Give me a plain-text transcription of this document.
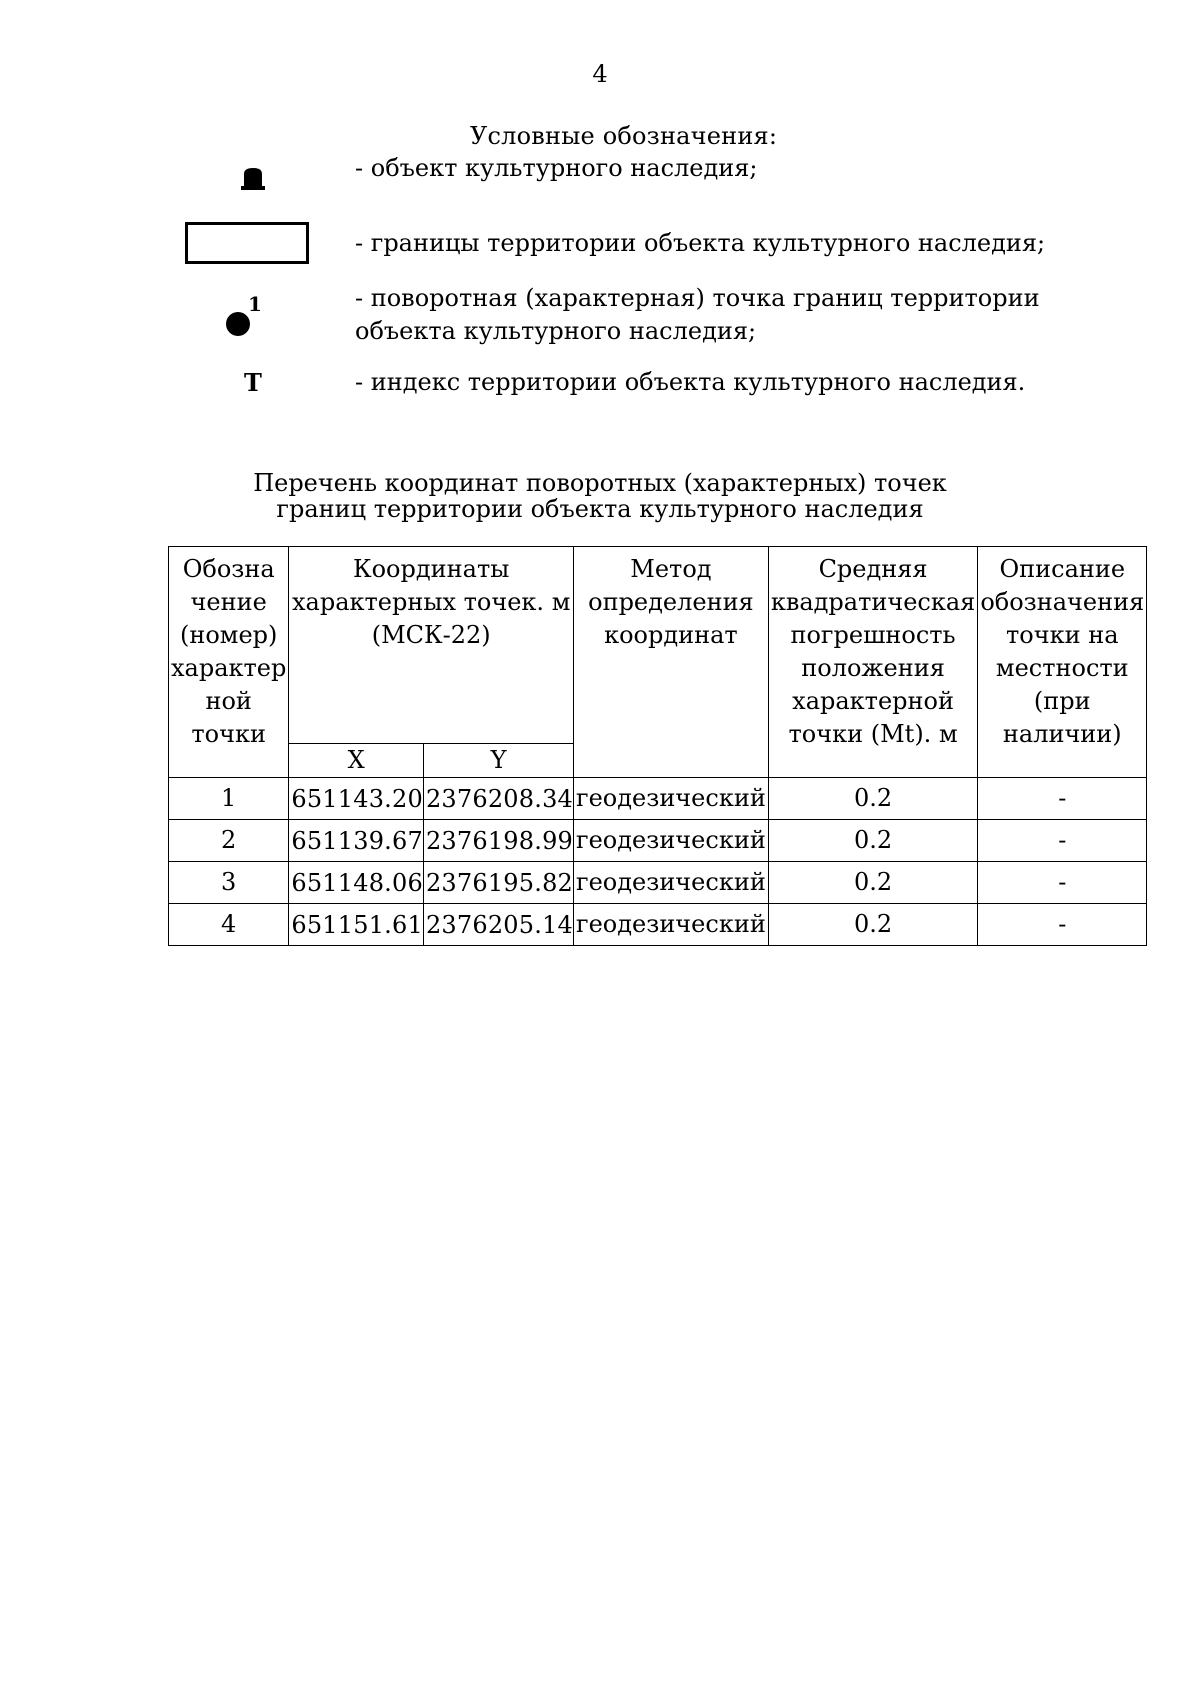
4
Условные обозначения:
- объект культурного наследия;
- границы территории объекта культурного наследия;
1	- поворотная (характерная) точка границ территории объекта культурного наследия;
Т	- индекс территории объекта культурного наследия.
Перечень координат поворотных (характерных) точек
границ территории объекта культурного наследия
Обозна чение (номер) характер ной точки	Координаты характерных точек. м (МСК-22)		Метод определения координат	Средняя квадратическая погрешность положения характерной точки (Mt). м	Описание обозначения точки на местности (при наличии)
	X	Y			
1	651143.20	2376208.34	геодезический	0.2	-
2	651139.67	2376198.99	геодезический	0.2	-
3	651148.06	2376195.82	геодезический	0.2	-
4	651151.61	2376205.14	геодезический	0.2	-
